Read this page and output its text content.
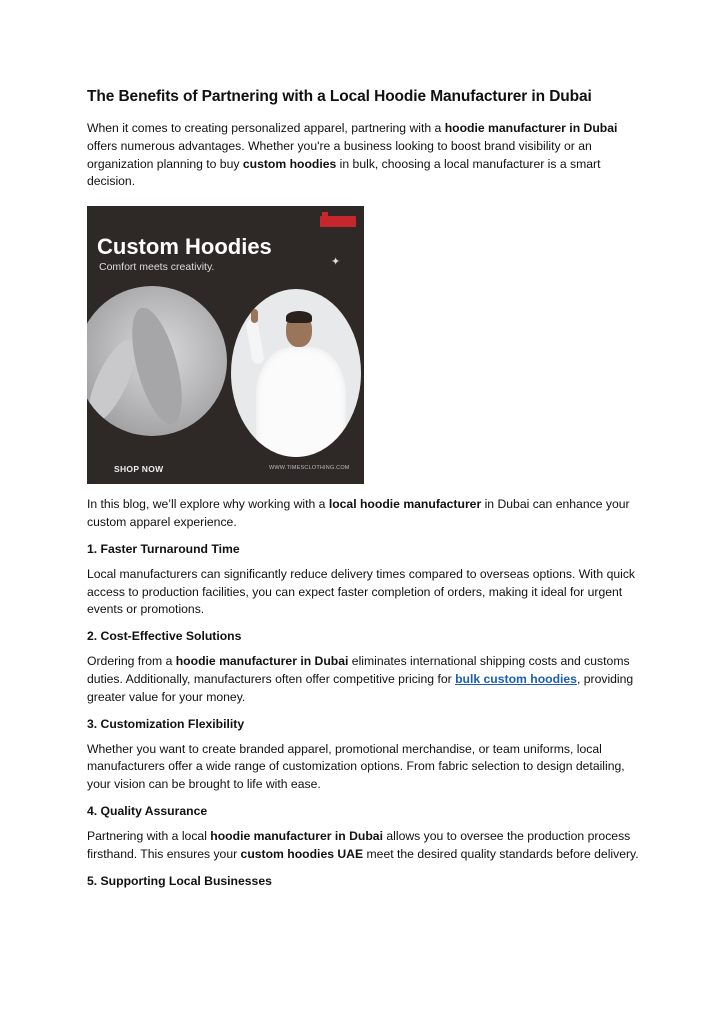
The Benefits of Partnering with a Local Hoodie Manufacturer in Dubai

When it comes to creating personalized apparel, partnering with a hoodie manufacturer in Dubai offers numerous advantages. Whether you're a business looking to boost brand visibility or an organization planning to buy custom hoodies in bulk, choosing a local manufacturer is a smart decision.

Custom Hoodies
Comfort meets creativity.	✦
SHOP NOW	WWW.TIMESCLOTHING.COM

In this blog, we’ll explore why working with a local hoodie manufacturer in Dubai can enhance your custom apparel experience.

1. Faster Turnaround Time

Local manufacturers can significantly reduce delivery times compared to overseas options. With quick access to production facilities, you can expect faster completion of orders, making it ideal for urgent events or promotions.

2. Cost-Effective Solutions

Ordering from a hoodie manufacturer in Dubai eliminates international shipping costs and customs duties. Additionally, manufacturers often offer competitive pricing for bulk custom hoodies, providing greater value for your money.

3. Customization Flexibility

Whether you want to create branded apparel, promotional merchandise, or team uniforms, local manufacturers offer a wide range of customization options. From fabric selection to design detailing, your vision can be brought to life with ease.

4. Quality Assurance

Partnering with a local hoodie manufacturer in Dubai allows you to oversee the production process firsthand. This ensures your custom hoodies UAE meet the desired quality standards before delivery.

5. Supporting Local Businesses
